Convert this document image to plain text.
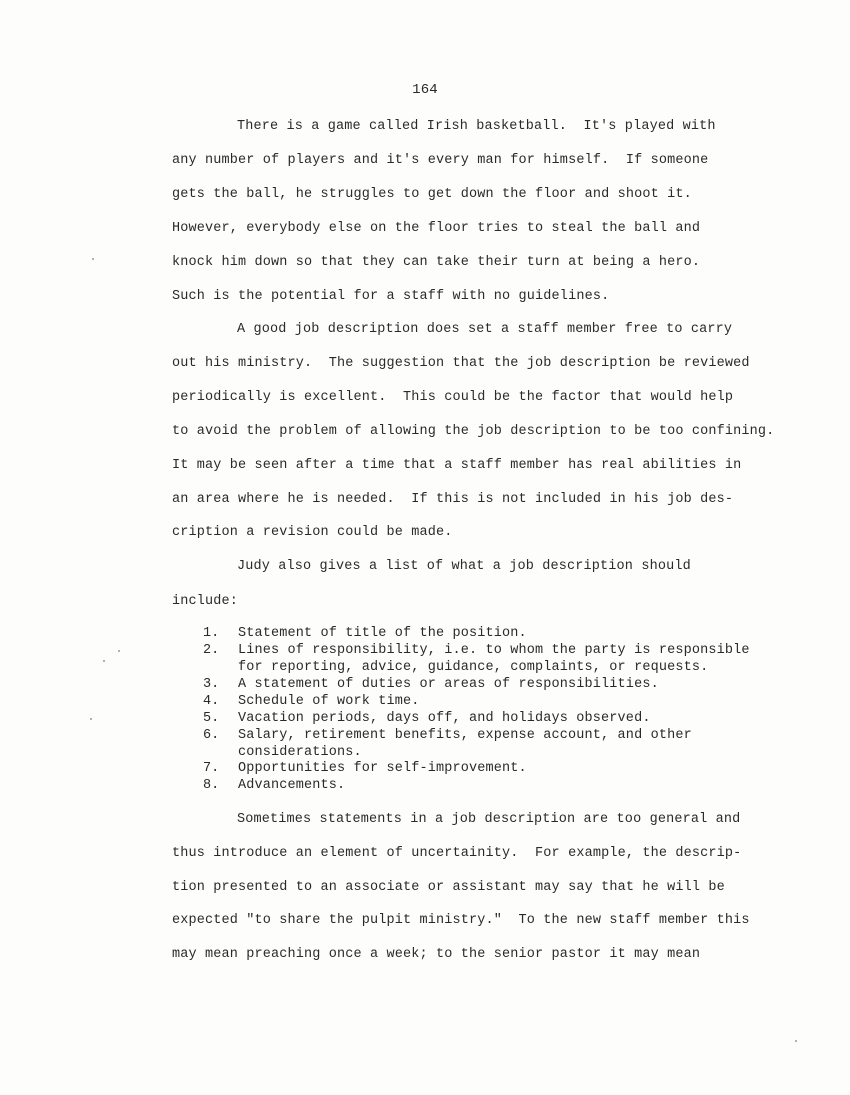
164
There is a game called Irish basketball.  It's played with
any number of players and it's every man for himself.  If someone
gets the ball, he struggles to get down the floor and shoot it.
However, everybody else on the floor tries to steal the ball and
knock him down so that they can take their turn at being a hero.
Such is the potential for a staff with no guidelines.
A good job description does set a staff member free to carry
out his ministry.  The suggestion that the job description be reviewed
periodically is excellent.  This could be the factor that would help
to avoid the problem of allowing the job description to be too confining.
It may be seen after a time that a staff member has real abilities in
an area where he is needed.  If this is not included in his job des-
cription a revision could be made.
Judy also gives a list of what a job description should
include:
1. Statement of title of the position.
2. Lines of responsibility, i.e. to whom the party is responsible
for reporting, advice, guidance, complaints, or requests.
3. A statement of duties or areas of responsibilities.
4. Schedule of work time.
5. Vacation periods, days off, and holidays observed.
6. Salary, retirement benefits, expense account, and other
considerations.
7. Opportunities for self-improvement.
8. Advancements.
Sometimes statements in a job description are too general and
thus introduce an element of uncertainity.  For example, the descrip-
tion presented to an associate or assistant may say that he will be
expected "to share the pulpit ministry."  To the new staff member this
may mean preaching once a week; to the senior pastor it may mean
